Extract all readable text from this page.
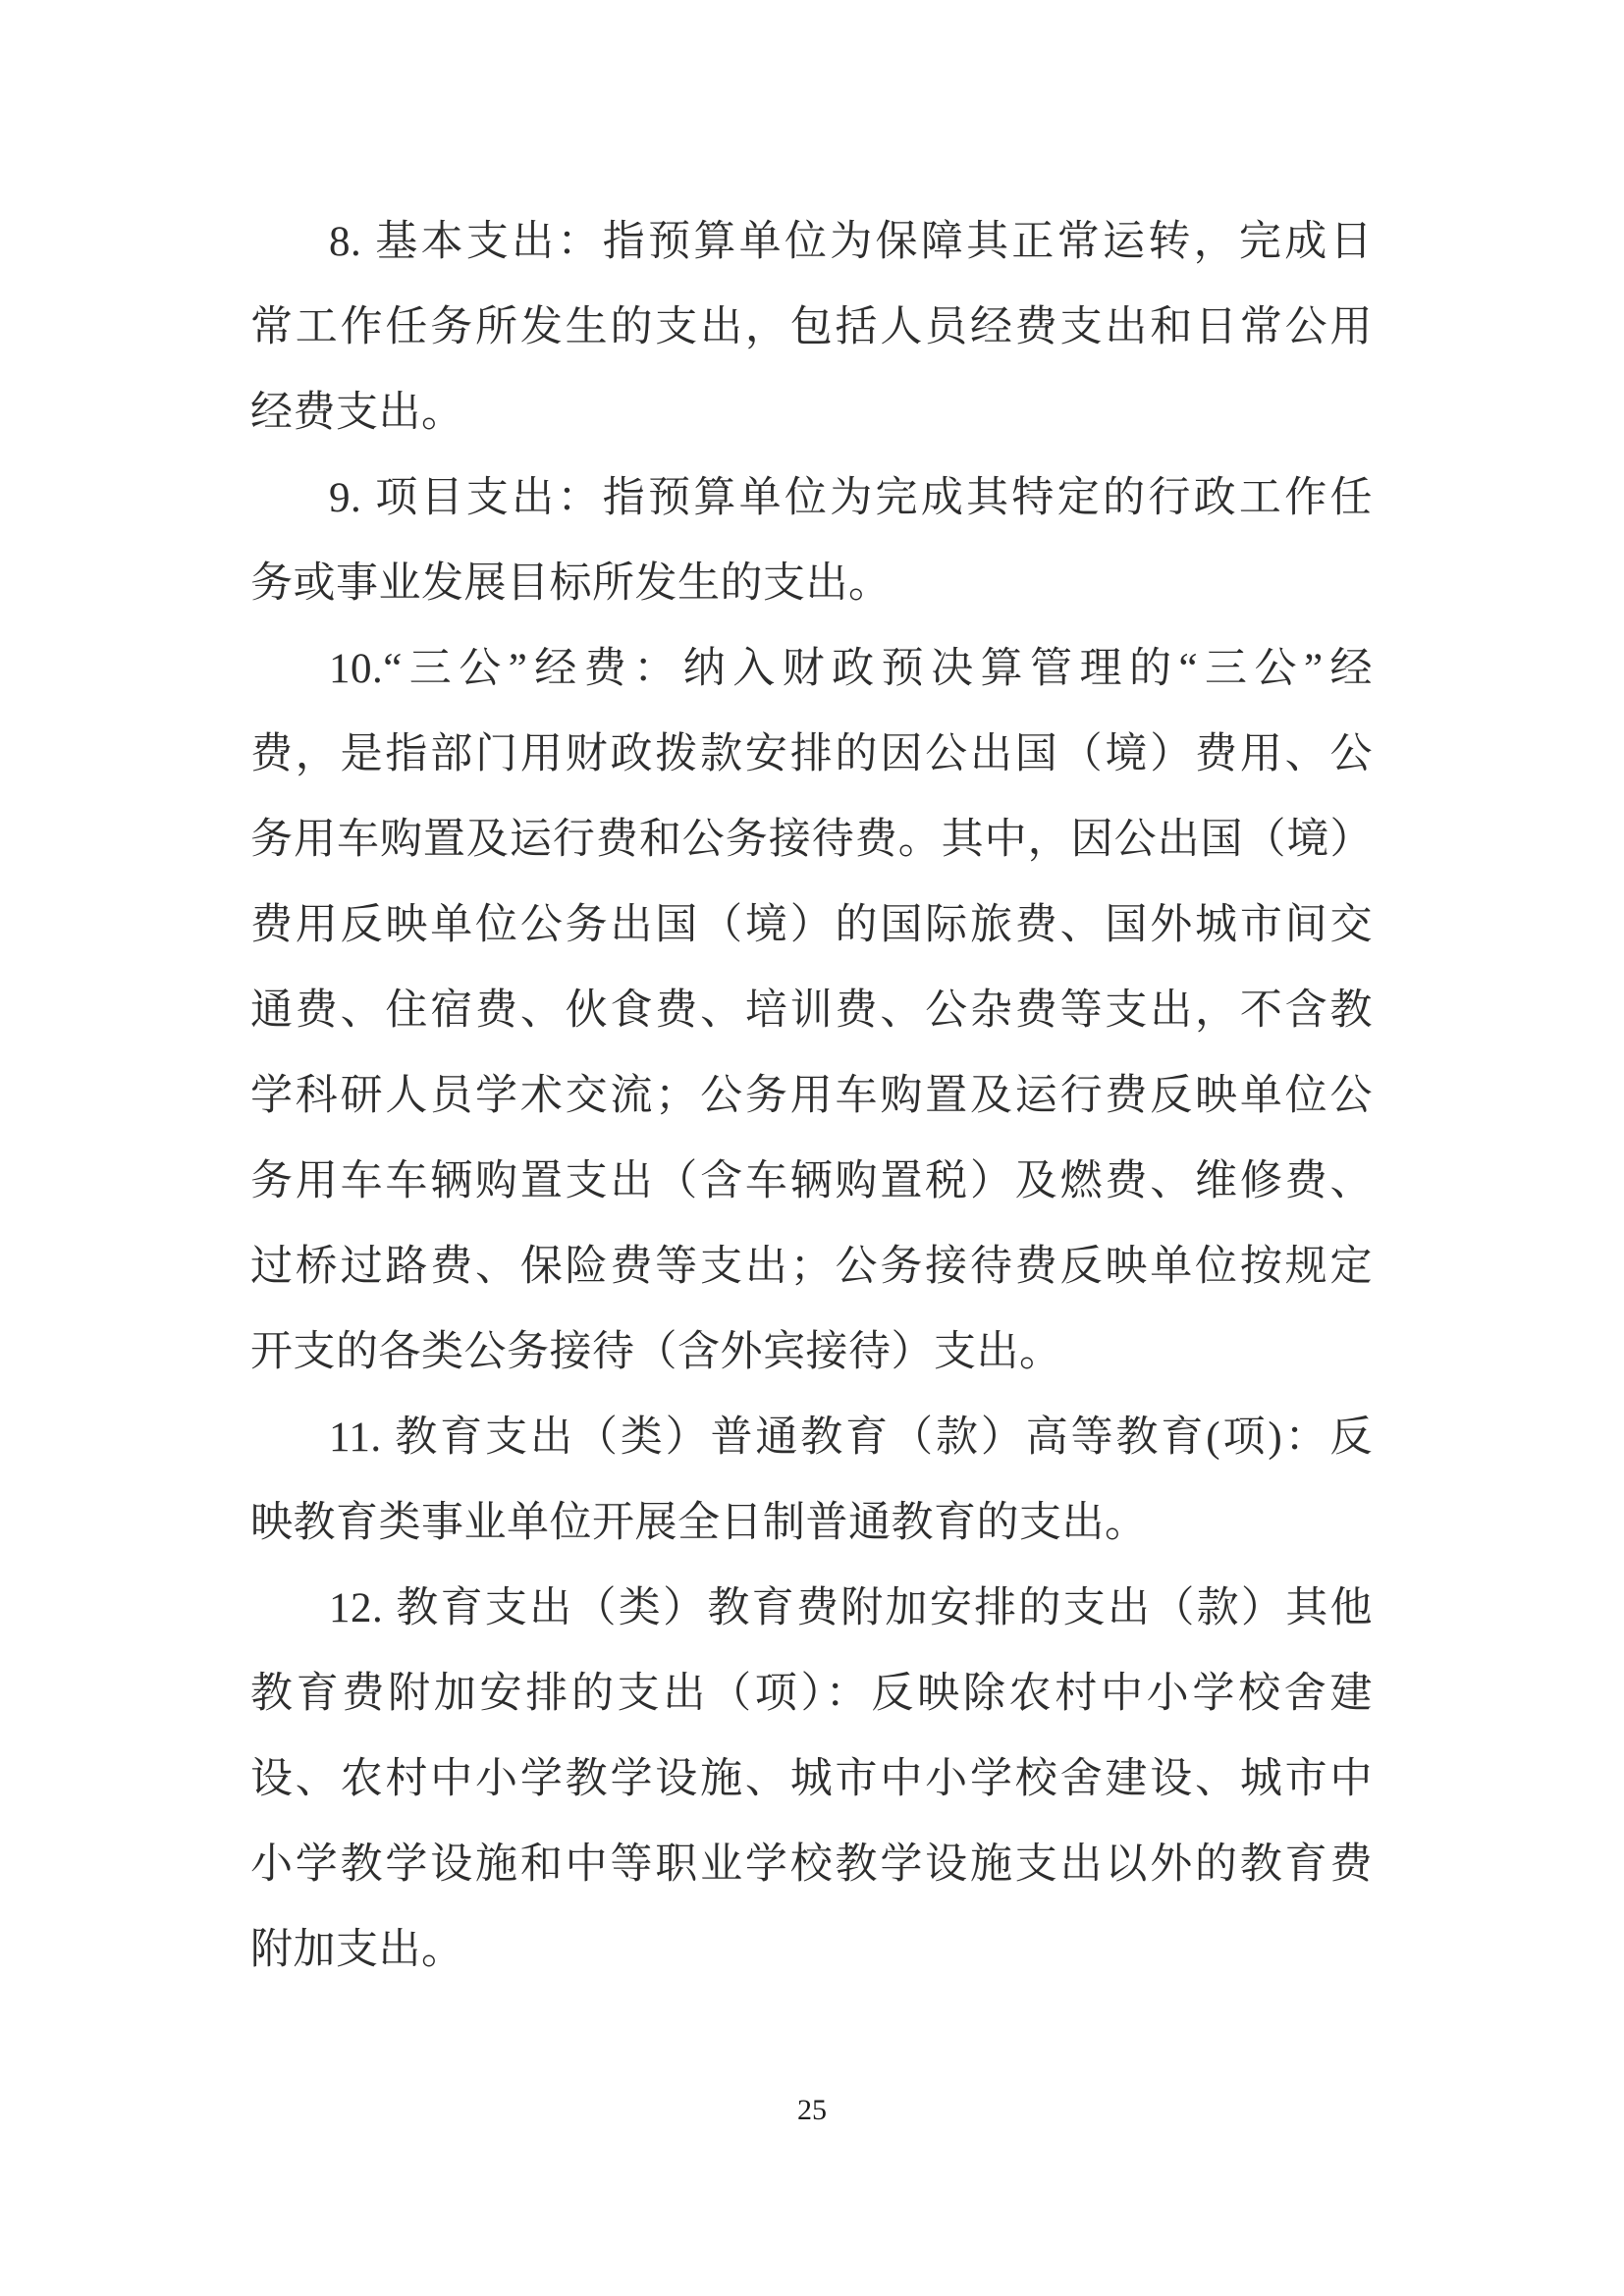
8. 基本支出：指预算单位为保障其正常运转，完成日
常工作任务所发生的支出，包括人员经费支出和日常公用
经费支出。
9. 项目支出：指预算单位为完成其特定的行政工作任
务或事业发展目标所发生的支出。
10.“三公”经费：纳入财政预决算管理的“三公”经
费，是指部门用财政拨款安排的因公出国（境）费用、公
务用车购置及运行费和公务接待费。其中，因公出国（境）
费用反映单位公务出国（境）的国际旅费、国外城市间交
通费、住宿费、伙食费、培训费、公杂费等支出，不含教
学科研人员学术交流；公务用车购置及运行费反映单位公
务用车车辆购置支出（含车辆购置税）及燃费、维修费、
过桥过路费、保险费等支出；公务接待费反映单位按规定
开支的各类公务接待（含外宾接待）支出。
11. 教育支出（类）普通教育（款）高等教育(项)：反
映教育类事业单位开展全日制普通教育的支出。
12. 教育支出（类）教育费附加安排的支出（款）其他
教育费附加安排的支出（项）：反映除农村中小学校舍建
设、农村中小学教学设施、城市中小学校舍建设、城市中
小学教学设施和中等职业学校教学设施支出以外的教育费
附加支出。
25
